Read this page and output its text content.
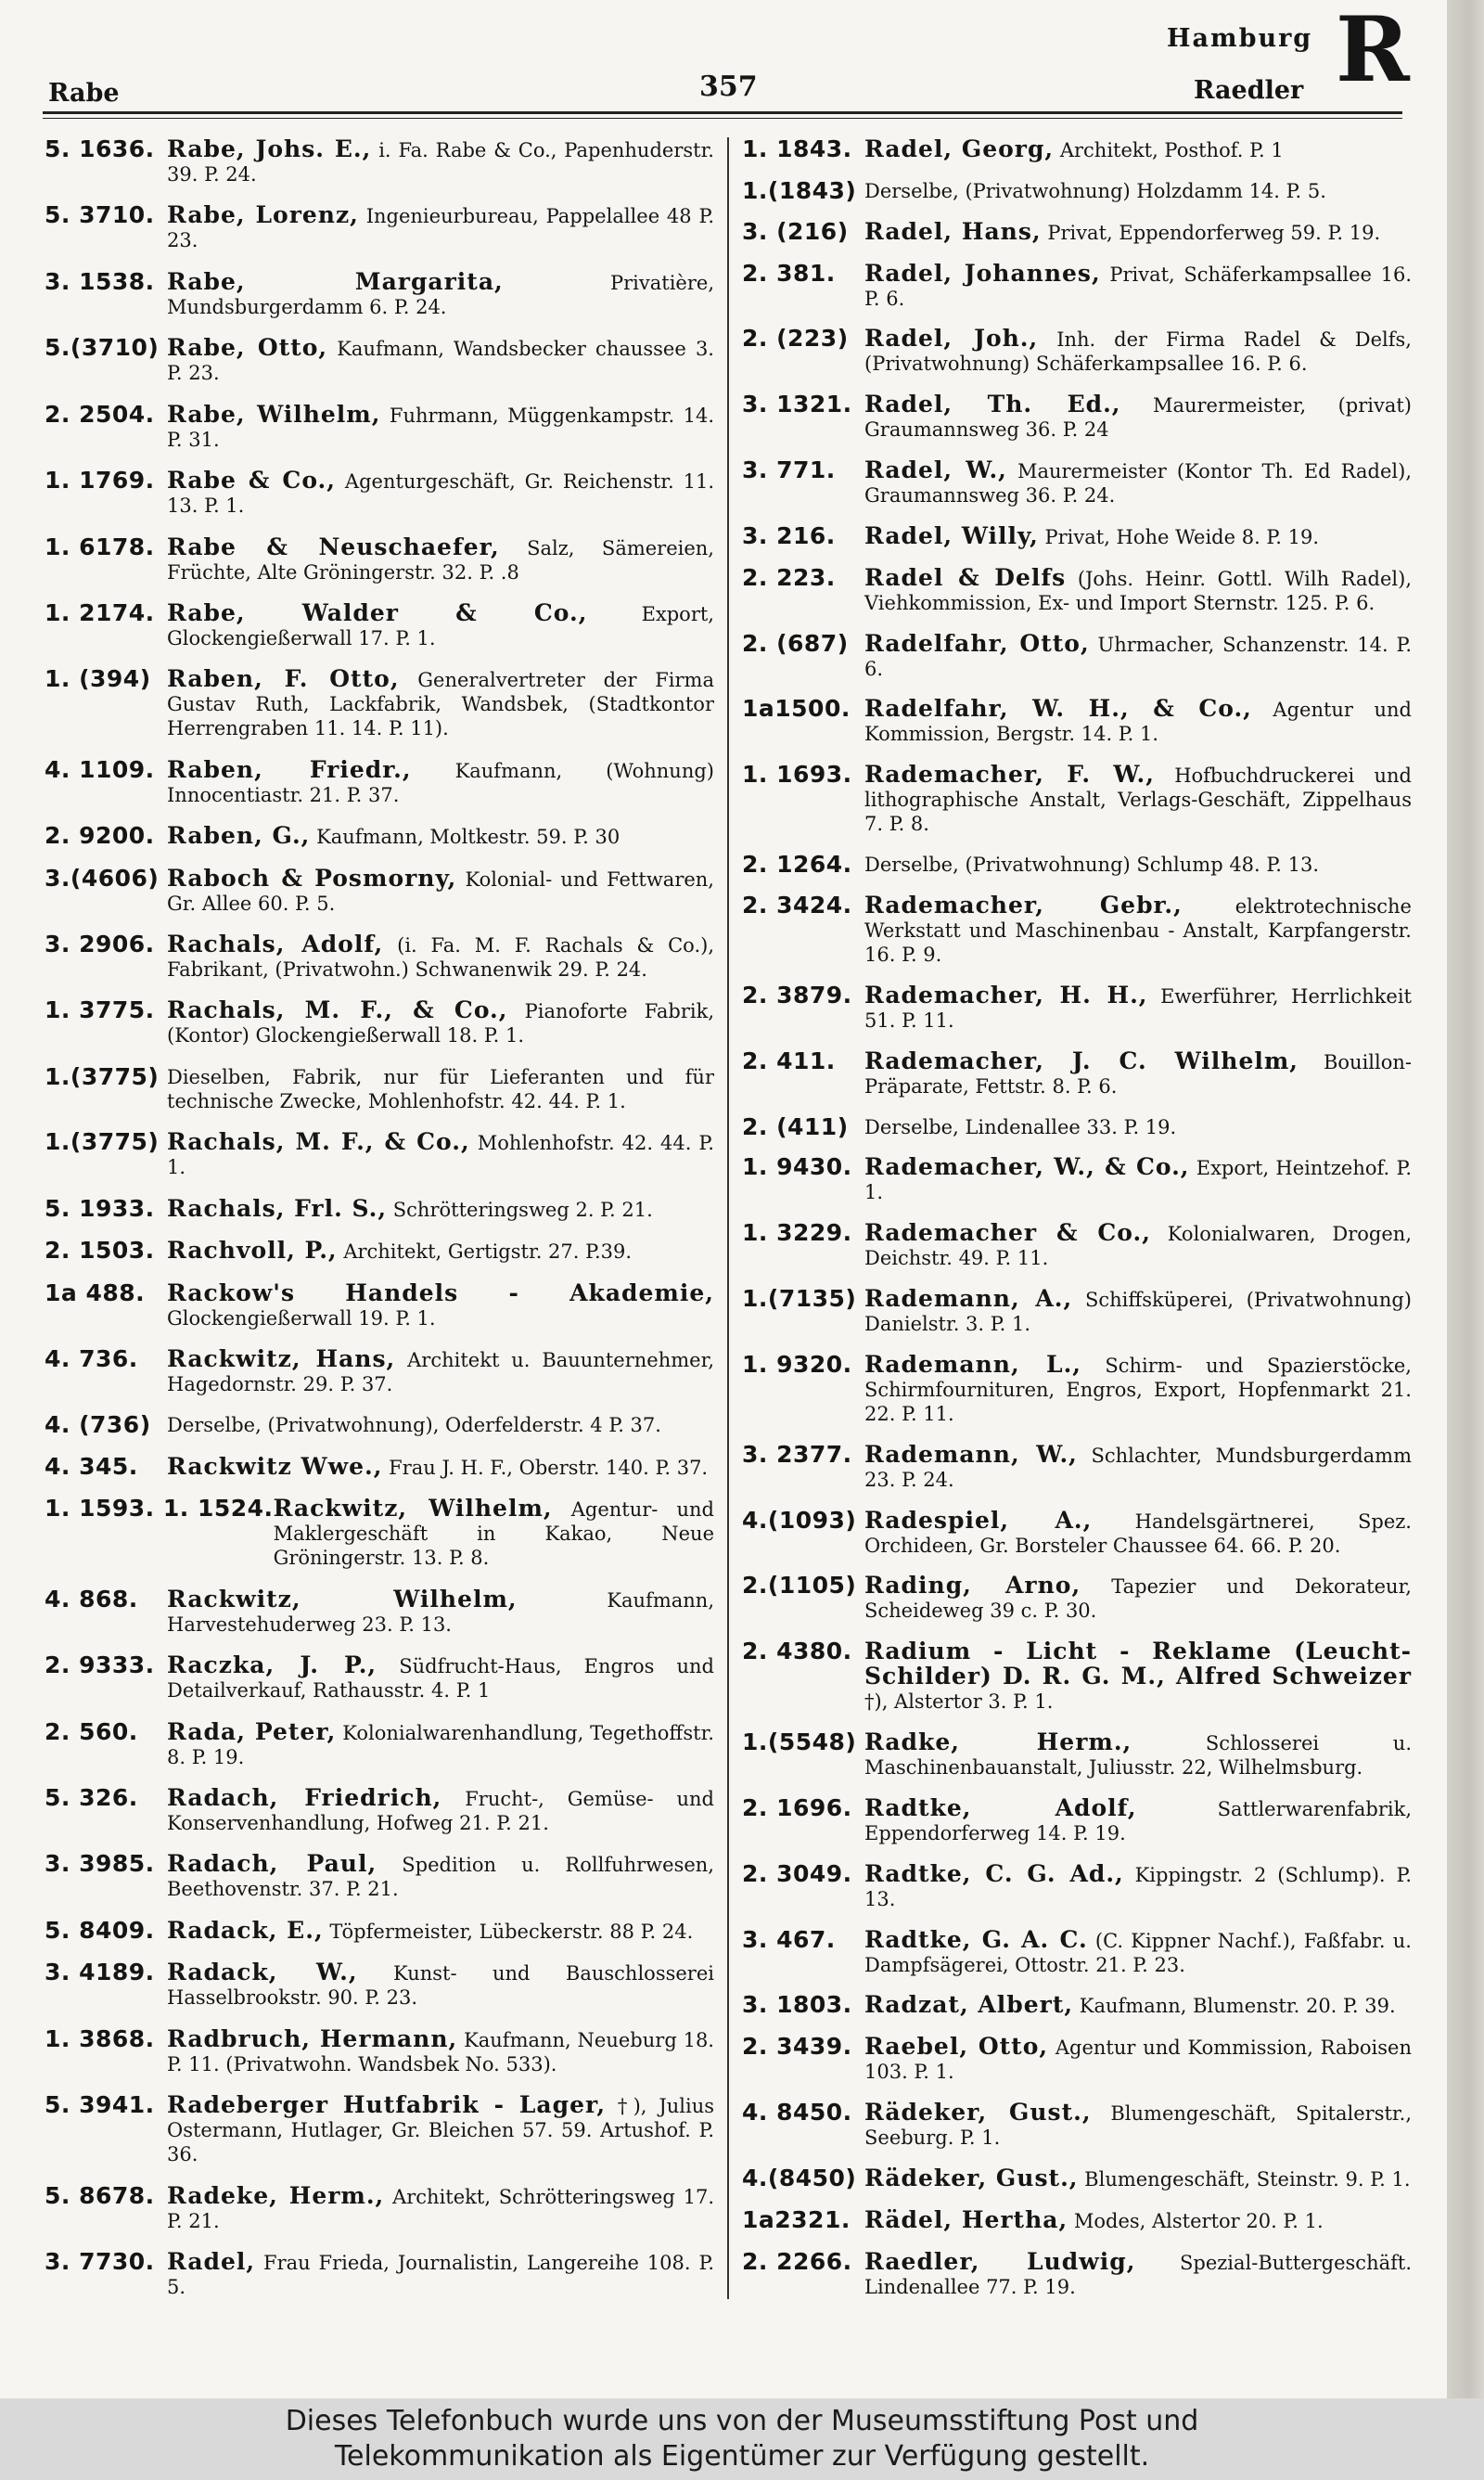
Hamburg R
Rabe	357	Raedler
5. 1636. Rabe, Johs. E., i. Fa. Rabe & Co., Papenhuderstr. 39. P. 24.
5. 3710. Rabe, Lorenz, Ingenieurbureau, Pappelallee 48 P. 23.
3. 1538. Rabe, Margarita,	Privatière, Mundsburgerdamm 6. P. 24.
5.(3710) Rabe, Otto, Kaufmann, Wandsbecker chaussee 3. P. 23.
2. 2504. Rabe, Wilhelm, Fuhrmann, Müggenkampstr. 14. P. 31.
1. 1769. Rabe & Co., Agenturgeschäft, Gr. Reichenstr. 11. 13. P. 1.
1. 6178. Rabe & Neuschaefer, Salz, Sämereien, Früchte, Alte Gröningerstr. 32. P. .8
1. 2174. Rabe, Walder & Co.,	Export, Glockengießerwall 17. P. 1.
1. (394) Raben, F. Otto, Generalvertreter der Firma Gustav Ruth, Lackfabrik, Wandsbek, (Stadtkontor Herrengraben 11. 14. P. 11).
4. 1109. Raben, Friedr., Kaufmann, (Wohnung) Innocentiastr. 21. P. 37.
2. 9200. Raben, G., Kaufmann, Moltkestr. 59. P. 30
3.(4606) Raboch & Posmorny, Kolonial- und Fettwaren, Gr. Allee 60. P. 5.
3. 2906. Rachals, Adolf, (i. Fa. M. F. Rachals & Co.), Fabrikant, (Privatwohn.) Schwanenwik 29. P. 24.
1. 3775. Rachals, M. F., & Co., Pianoforte Fabrik, (Kontor) Glockengießerwall 18. P. 1.
1.(3775) Dieselben, Fabrik, nur für Lieferanten und für technische Zwecke, Mohlenhofstr. 42. 44. P. 1.
1.(3775) Rachals, M. F., & Co., Mohlenhofstr. 42. 44. P. 1.
5. 1933. Rachals, Frl. S., Schrötteringsweg 2. P. 21.
2. 1503. Rachvoll, P., Architekt, Gertigstr. 27. P.39.
1a 488. Rackow's Handels - Akademie, Glockengießerwall 19. P. 1.
4. 736.	Rackwitz, Hans, Architekt u. Bauunternehmer, Hagedornstr. 29. P. 37.
4. (736) Derselbe, (Privatwohnung), Oderfelderstr. 4 P. 37.
4. 345.	Rackwitz Wwe., Frau J. H. F., Oberstr. 140. P. 37.
1. 1593. 1. 1524. Rackwitz, Wilhelm, Agentur- und Maklergeschäft in Kakao, Neue Gröningerstr. 13. P. 8.
4. 868.	Rackwitz, Wilhelm,	Kaufmann, Harvestehuderweg 23. P. 13.
2. 9333. Raczka, J. P., Südfrucht-Haus, Engros und Detailverkauf, Rathausstr. 4. P. 1
2. 560.	Rada, Peter, Kolonialwarenhandlung, Tegethoffstr. 8. P. 19.
5. 326.	Radach, Friedrich, Frucht-, Gemüse- und Konservenhandlung, Hofweg 21. P. 21.
3. 3985. Radach, Paul, Spedition u. Rollfuhrwesen, Beethovenstr. 37. P. 21.
5. 8409. Radack, E., Töpfermeister, Lübeckerstr. 88 P. 24.
3. 4189. Radack, W., Kunst- und Bauschlosserei Hasselbrookstr. 90. P. 23.
1. 3868. Radbruch, Hermann, Kaufmann, Neueburg 18. P. 11. (Privatwohn. Wandsbek No. 533).
5. 3941. Radeberger Hutfabrik - Lager, †), Julius Ostermann, Hutlager, Gr. Bleichen 57. 59. Artushof. P. 36.
5. 8678. Radeke, Herm., Architekt, Schrötteringsweg 17. P. 21.
3. 7730. Radel, Frau Frieda, Journalistin, Langereihe 108. P. 5.
1. 1843. Radel, Georg, Architekt, Posthof. P. 1
1.(1843) Derselbe, (Privatwohnung) Holzdamm 14. P. 5.
3. (216) Radel, Hans, Privat, Eppendorferweg 59. P. 19.
2. 381.	Radel, Johannes, Privat, Schäferkampsallee 16. P. 6.
2. (223) Radel, Joh., Inh. der Firma Radel & Delfs, (Privatwohnung) Schäferkampsallee 16. P. 6.
3. 1321. Radel, Th. Ed., Maurermeister, (privat) Graumannsweg 36. P. 24
3. 771.	Radel, W., Maurermeister (Kontor Th. Ed Radel), Graumannsweg 36. P. 24.
3. 216.	Radel, Willy, Privat, Hohe Weide 8. P. 19.
2. 223.	Radel & Delfs (Johs. Heinr. Gottl. Wilh Radel), Viehkommission, Ex- und Import Sternstr. 125. P. 6.
2. (687) Radelfahr, Otto, Uhrmacher, Schanzenstr. 14. P. 6.
1a1500. Radelfahr, W. H., & Co., Agentur und Kommission, Bergstr. 14. P. 1.
1. 1693. Rademacher, F. W., Hofbuchdruckerei und lithographische Anstalt, Verlags-Geschäft, Zippelhaus 7. P. 8.
2. 1264. Derselbe, (Privatwohnung) Schlump 48. P. 13.
2. 3424. Rademacher, Gebr.,	elektrotechnische Werkstatt und Maschinenbau - Anstalt, Karpfangerstr. 16. P. 9.
2. 3879. Rademacher, H. H., Ewerführer, Herrlichkeit 51. P. 11.
2. 411.	Rademacher, J. C. Wilhelm, Bouillon-Präparate, Fettstr. 8. P. 6.
2. (411) Derselbe, Lindenallee 33. P. 19.
1. 9430. Rademacher, W., & Co., Export, Heintzehof. P. 1.
1. 3229. Rademacher & Co., Kolonialwaren, Drogen, Deichstr. 49. P. 11.
1.(7135) Rademann, A., Schiffsküperei, (Privatwohnung) Danielstr. 3. P. 1.
1. 9320. Rademann, L., Schirm- und Spazierstöcke, Schirmfournituren, Engros, Export, Hopfenmarkt 21. 22. P. 11.
3. 2377. Rademann, W., Schlachter, Mundsburgerdamm 23. P. 24.
4.(1093) Radespiel, A., Handelsgärtnerei, Spez. Orchideen, Gr. Borsteler Chaussee 64. 66. P. 20.
2.(1105) Rading, Arno, Tapezier und Dekorateur, Scheideweg 39 c. P. 30.
2. 4380. Radium - Licht - Reklame (Leucht-Schilder) D. R. G. M., Alfred Schweizer †), Alstertor 3. P. 1.
1.(5548) Radke, Herm.,	Schlosserei u. Maschinenbauanstalt, Juliusstr. 22, Wilhelmsburg.
2. 1696. Radtke, Adolf,	Sattlerwarenfabrik, Eppendorferweg 14. P. 19.
2. 3049. Radtke, C. G. Ad., Kippingstr. 2 (Schlump). P. 13.
3. 467.	Radtke, G. A. C. (C. Kippner Nachf.), Faßfabr. u. Dampfsägerei, Ottostr. 21. P. 23.
3. 1803. Radzat, Albert, Kaufmann, Blumenstr. 20. P. 39.
2. 3439. Raebel, Otto, Agentur und Kommission, Raboisen 103. P. 1.
4. 8450. Rädeker, Gust., Blumengeschäft, Spitalerstr., Seeburg. P. 1.
4.(8450) Rädeker, Gust., Blumengeschäft, Steinstr. 9. P. 1.
1a2321. Rädel, Hertha, Modes, Alstertor 20. P. 1.
2. 2266. Raedler, Ludwig, Spezial-Buttergeschäft. Lindenallee 77. P. 19.
Dieses Telefonbuch wurde uns von der Museumsstiftung Post und
Telekommunikation als Eigentümer zur Verfügung gestellt.
